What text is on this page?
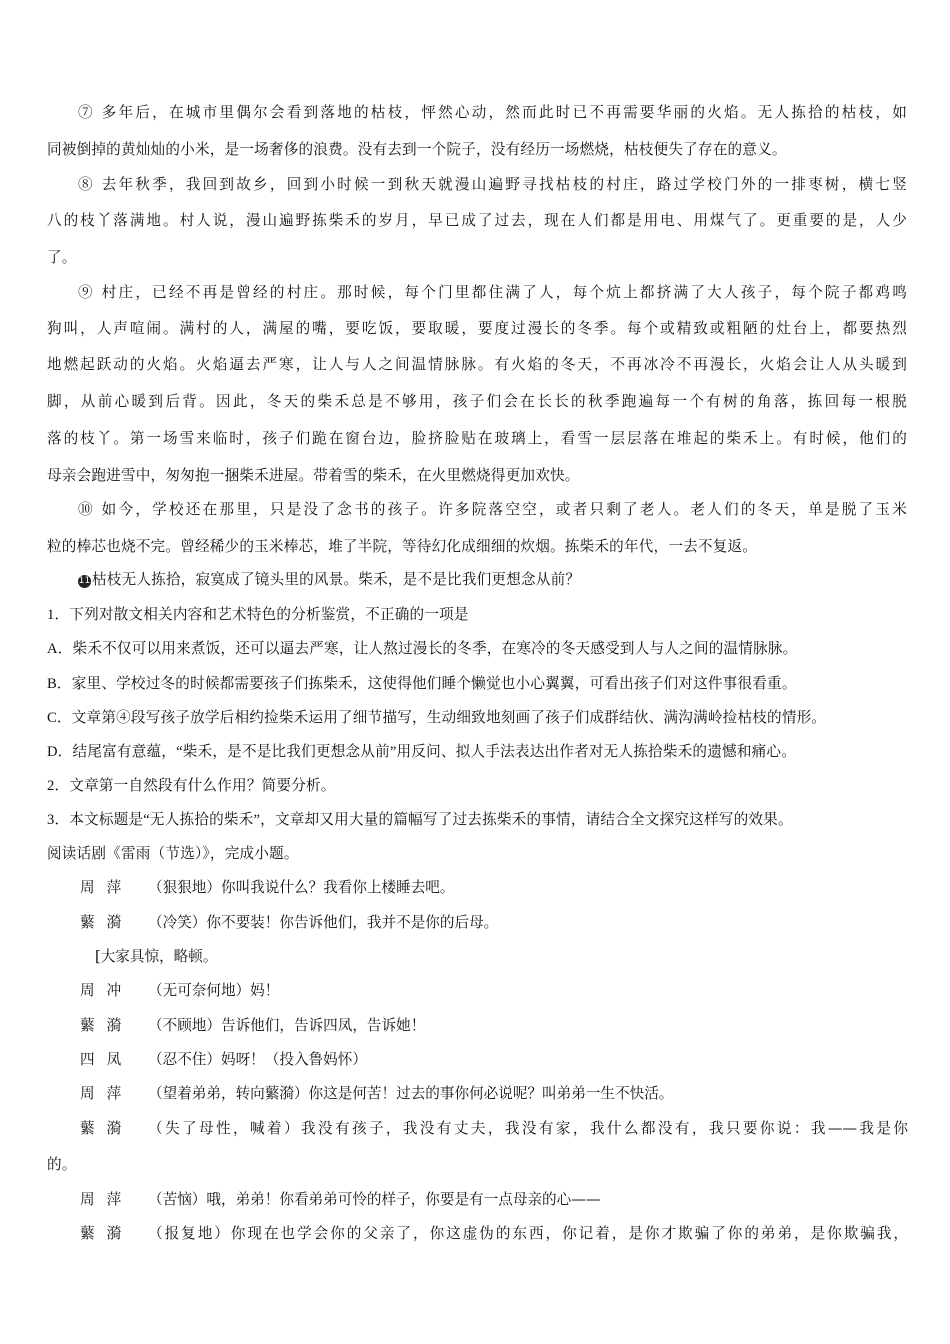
⑦ 多年后，在城市里偶尔会看到落地的枯枝，怦然心动，然而此时已不再需要华丽的火焰。无人拣拾的枯枝，如
同被倒掉的黄灿灿的小米，是一场奢侈的浪费。没有去到一个院子，没有经历一场燃烧，枯枝便失了存在的意义。
⑧ 去年秋季，我回到故乡，回到小时候一到秋天就漫山遍野寻找枯枝的村庄，路过学校门外的一排枣树，横七竖
八的枝丫落满地。村人说，漫山遍野拣柴禾的岁月，早已成了过去，现在人们都是用电、用煤气了。更重要的是，人少
了。
⑨ 村庄，已经不再是曾经的村庄。那时候，每个门里都住满了人，每个炕上都挤满了大人孩子，每个院子都鸡鸣
狗叫，人声喧闹。满村的人，满屋的嘴，要吃饭，要取暖，要度过漫长的冬季。每个或精致或粗陋的灶台上，都要热烈
地燃起跃动的火焰。火焰逼去严寒，让人与人之间温情脉脉。有火焰的冬天，不再冰冷不再漫长，火焰会让人从头暖到
脚，从前心暖到后背。因此，冬天的柴禾总是不够用，孩子们会在长长的秋季跑遍每一个有树的角落，拣回每一根脱
落的枝丫。第一场雪来临时，孩子们跪在窗台边，脸挤脸贴在玻璃上，看雪一层层落在堆起的柴禾上。有时候，他们的
母亲会跑进雪中，匆匆抱一捆柴禾进屋。带着雪的柴禾，在火里燃烧得更加欢快。
⑩ 如今，学校还在那里，只是没了念书的孩子。许多院落空空，或者只剩了老人。老人们的冬天，单是脱了玉米
粒的棒芯也烧不完。曾经稀少的玉米棒芯，堆了半院，等待幻化成细细的炊烟。拣柴禾的年代，一去不复返。
11 枯枝无人拣拾，寂寞成了镜头里的风景。柴禾，是不是比我们更想念从前？
1．下列对散文相关内容和艺术特色的分析鉴赏，不正确的一项是
A．柴禾不仅可以用来煮饭，还可以逼去严寒，让人熬过漫长的冬季，在寒冷的冬天感受到人与人之间的温情脉脉。
B．家里、学校过冬的时候都需要孩子们拣柴禾，这使得他们睡个懒觉也小心翼翼，可看出孩子们对这件事很看重。
C．文章第④段写孩子放学后相约捡柴禾运用了细节描写，生动细致地刻画了孩子们成群结伙、满沟满岭捡枯枝的情形。
D．结尾富有意蕴，“柴禾，是不是比我们更想念从前”用反问、拟人手法表达出作者对无人拣拾柴禾的遗憾和痛心。
2．文章第一自然段有什么作用？简要分析。
3．本文标题是“无人拣拾的柴禾”，文章却又用大量的篇幅写了过去拣柴禾的事情，请结合全文探究这样写的效果。
阅读话剧《雷雨（节选）》，完成小题。
周萍	（狠狠地）你叫我说什么？我看你上楼睡去吧。
蘩漪	（冷笑）你不要装！你告诉他们，我并不是你的后母。
[大家具惊，略顿。
周冲	（无可奈何地）妈！
蘩漪	（不顾地）告诉他们，告诉四凤，告诉她！
四凤	（忍不住）妈呀！（投入鲁妈怀）
周萍	（望着弟弟，转向蘩漪）你这是何苦！过去的事你何必说呢？叫弟弟一生不快活。
蘩漪	（失了母性，喊着）我没有孩子，我没有丈夫，我没有家，我什么都没有，我只要你说：我——我是你
的。
周萍	（苦恼）哦，弟弟！你看弟弟可怜的样子，你要是有一点母亲的心——
蘩漪	（报复地）你现在也学会你的父亲了，你这虚伪的东西，你记着，是你才欺骗了你的弟弟，是你欺骗我，
